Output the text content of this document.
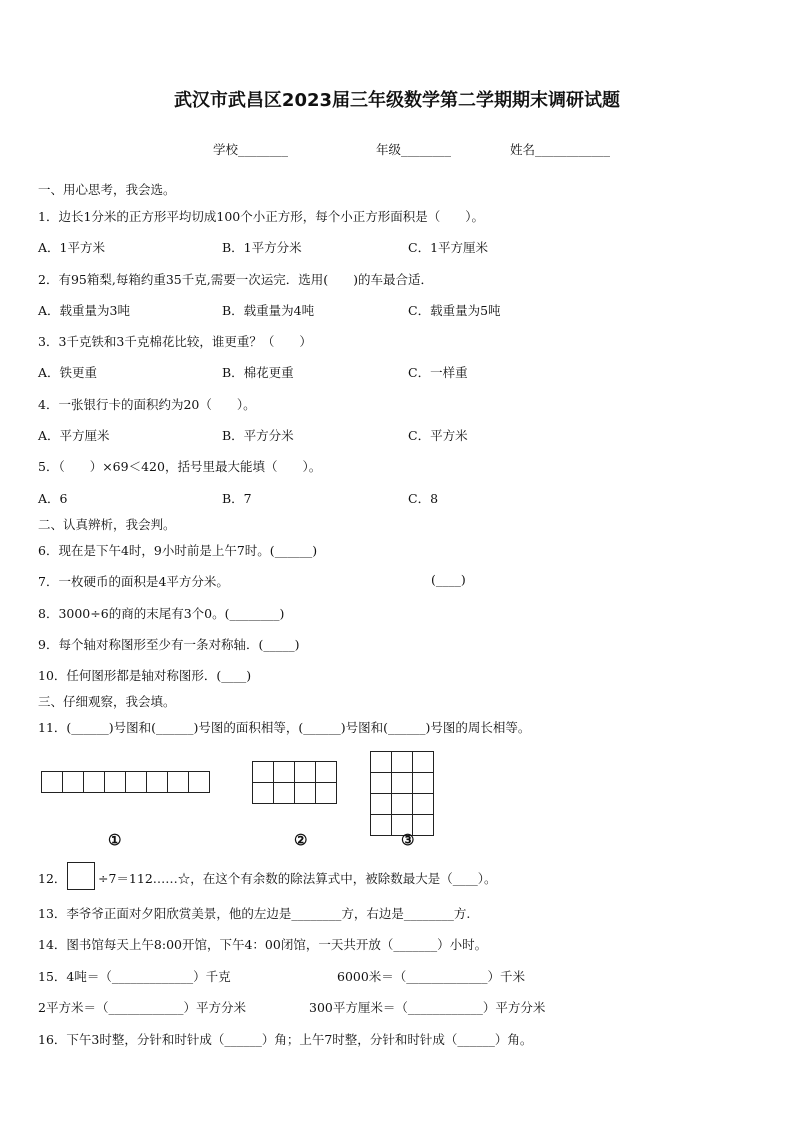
武汉市武昌区2023届三年级数学第二学期期末调研试题
学校________	年级________	姓名____________
一、用心思考，我会选。
1．边长1分米的正方形平均切成100个小正方形，每个小正方形面积是（　　）。
A．1平方米	B．1平方分米	C．1平方厘米
2．有95箱梨,每箱约重35千克,需要一次运完．选用(　　)的车最合适．
A．载重量为3吨	B．载重量为4吨	C．载重量为5吨
3．3千克铁和3千克棉花比较，谁更重？（　　）
A．铁更重	B．棉花更重	C．一样重
4．一张银行卡的面积约为20（　　）。
A．平方厘米	B．平方分米	C．平方米
5．（　　）×69＜420，括号里最大能填（　　）。
A．6	B．7	C．8
二、认真辨析，我会判。
6．现在是下午4时，9小时前是上午7时。(______)
7．一枚硬币的面积是4平方分米。	(____)
8．3000÷6的商的末尾有3个0。(________)
9．每个轴对称图形至少有一条对称轴．(_____)
10．任何图形都是轴对称图形．(____)
三、仔细观察，我会填。
11．(______)号图和(______)号图的面积相等，(______)号图和(______)号图的周长相等。

①	②	③
12．	÷7＝112……☆，在这个有余数的除法算式中，被除数最大是（____）。
13．李爷爷正面对夕阳欣赏美景，他的左边是________方，右边是________方.
14．图书馆每天上午8:00开馆，下午4：00闭馆，一天共开放（_______）小时。
15．4吨＝（_____________）千克	6000米＝（_____________）千米
2平方米＝（____________）平方分米	300平方厘米＝（____________）平方分米
16．下午3时整，分针和时针成（______）角；上午7时整，分针和时针成（______）角。
